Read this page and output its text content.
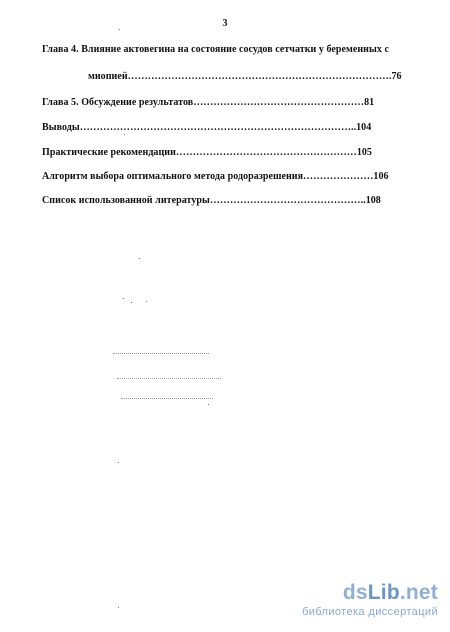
3
Глава 4. Влияние актовегина на состояние сосудов сетчатки у беременных с
миопией…………………………………………………………………….76
Глава 5. Обсуждение результатов……………………………………………81
Выводы………………………………………………………………………..104
Практические рекомендации………………………………………………105
Алгоритм выбора оптимального метода родоразрешения…………………106
Список использованной литературы………………………………………..108
dsLib.net
библиотека диссертаций
